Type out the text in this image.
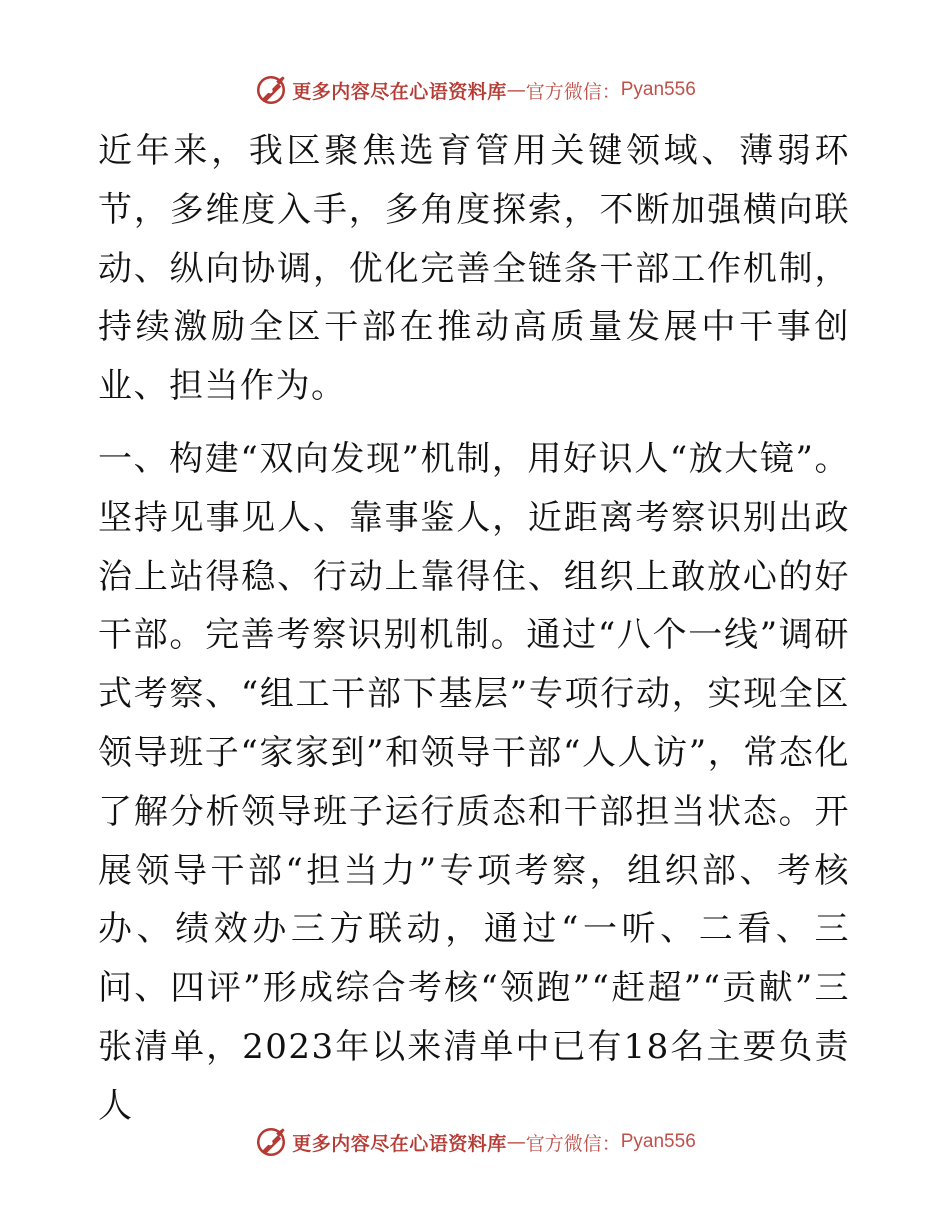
更多内容尽在心语资料库 — 官方微信： Pyan556

近年来，我区聚焦选育管用关键领域、薄弱环节，多维度入手，多角度探索，不断加强横向联动、纵向协调，优化完善全链条干部工作机制，持续激励全区干部在推动高质量发展中干事创业、担当作为。

一、构建“双向发现”机制，用好识人“放大镜”。坚持见事见人、靠事鉴人，近距离考察识别出政治上站得稳、行动上靠得住、组织上敢放心的好干部。完善考察识别机制。通过“八个一线”调研式考察、“组工干部下基层”专项行动，实现全区领导班子“家家到”和领导干部“人人访”，常态化了解分析领导班子运行质态和干部担当状态。开展领导干部“担当力”专项考察，组织部、考核办、绩效办三方联动，通过“一听、二看、三问、四评”形成综合考核“领跑”“赶超”“贡献”三张清单，2023年以来清单中已有18名主要负责人

更多内容尽在心语资料库 — 官方微信： Pyan556
